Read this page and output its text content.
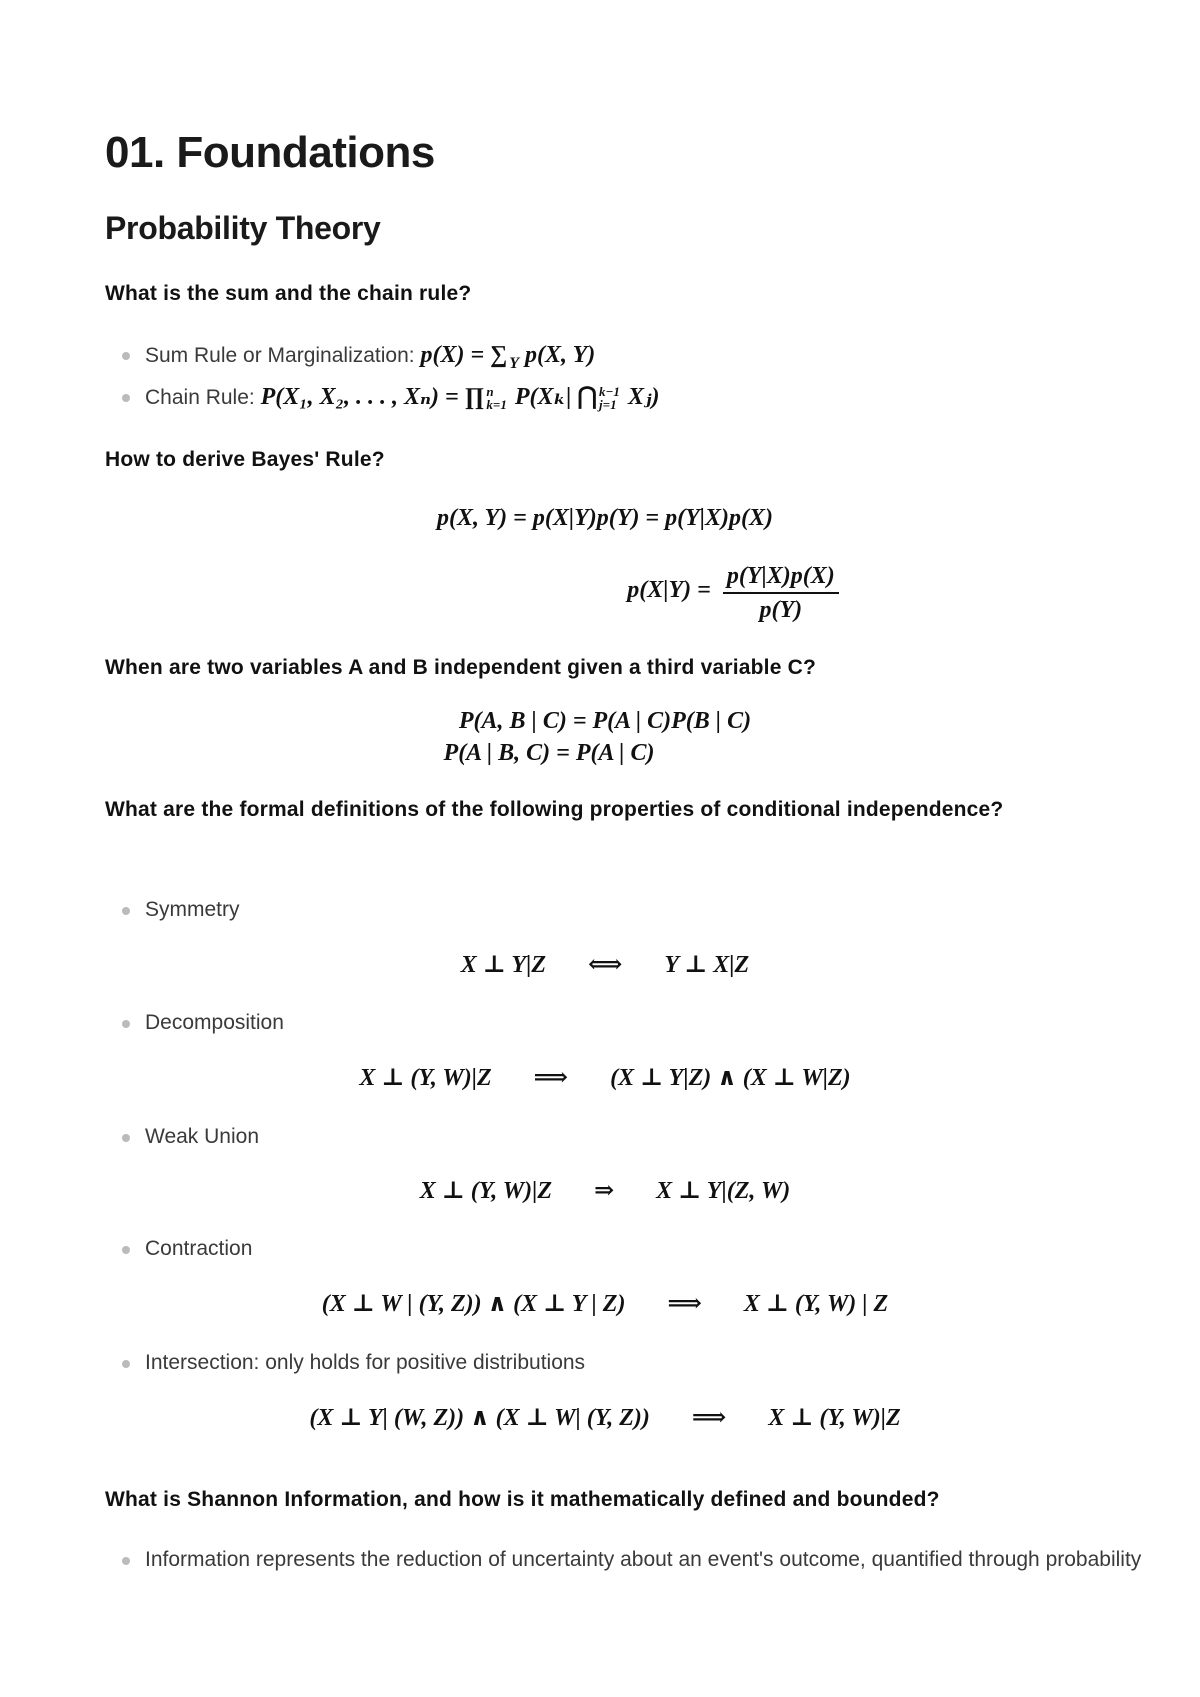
01. Foundations
Probability Theory

What is the sum and the chain rule?

Sum Rule or Marginalization: p(X) = ∑ $_Y$ p(X, Y)
Chain Rule: P(X₁, X₂, . . . , Xₙ) = ∏ n
k=1 P(Xₖ| ⋂ k−1
j=1 Xⱼ)

How to derive Bayes' Rule?

p(X, Y) = p(X|Y)p(Y) = p(Y|X)p(X)
$p(X|Y) = \frac{p(Y|X)p(X)}{p(Y)}$

When are two variables A and B independent given a third variable C?

P(A, B | C) = P(A | C)P(B | C)
P(A | B, C) = P(A | C)

What are the formal definitions of the following properties of conditional independence?

Symmetry
X ⊥ Y|Z ⟺ Y ⊥ X|Z
Decomposition
X ⊥ (Y, W)|Z ⟹ (X ⊥ Y|Z) ∧ (X ⊥ W|Z)
Weak Union
X ⊥ (Y, W)|Z ⇒ X ⊥ Y|(Z, W)
Contraction
(X ⊥ W | (Y, Z)) ∧ (X ⊥ Y | Z) ⟹ X ⊥ (Y, W) | Z
Intersection: only holds for positive distributions
(X ⊥ Y| (W, Z)) ∧ (X ⊥ W| (Y, Z)) ⟹ X ⊥ (Y, W)|Z

What is Shannon Information, and how is it mathematically defined and bounded?

Information represents the reduction of uncertainty about an event's outcome, quantified through probability
